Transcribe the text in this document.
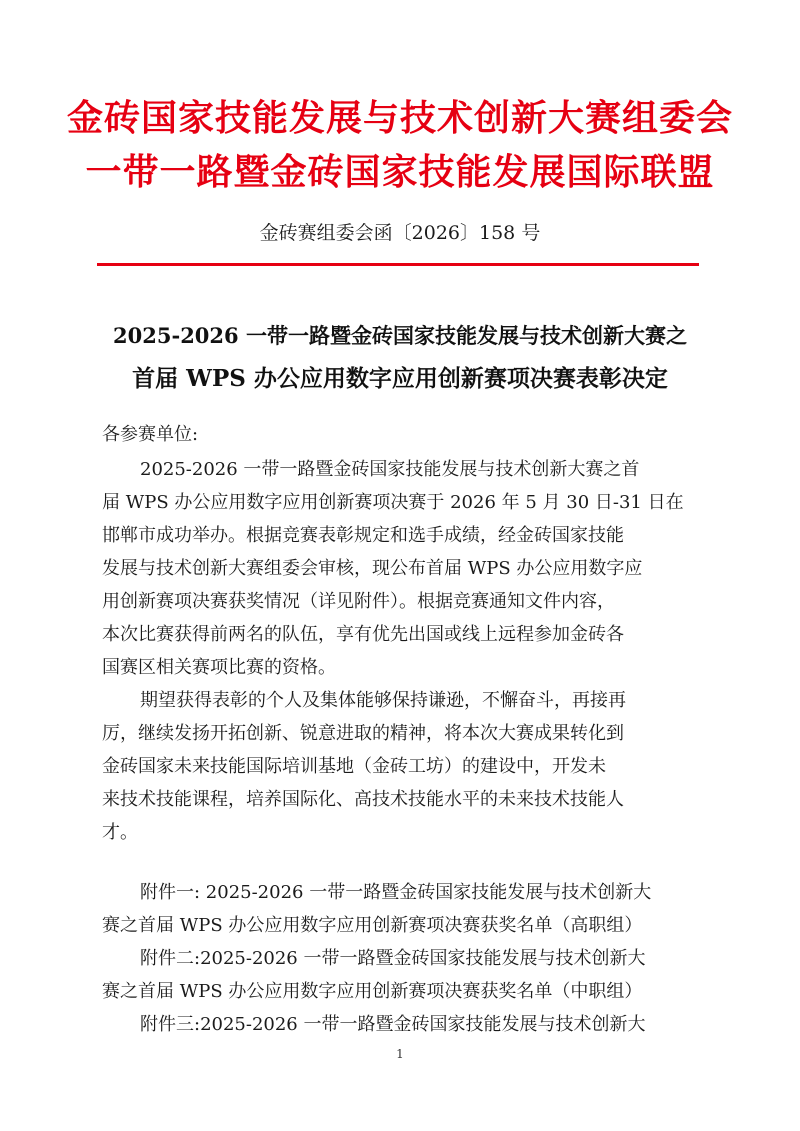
金砖国家技能发展与技术创新大赛组委会
一带一路暨金砖国家技能发展国际联盟
金砖赛组委会函〔2026〕158 号
2025-2026 一带一路暨金砖国家技能发展与技术创新大赛之
首届 WPS 办公应用数字应用创新赛项决赛表彰决定
各参赛单位:
2025-2026 一带一路暨金砖国家技能发展与技术创新大赛之首
届 WPS 办公应用数字应用创新赛项决赛于 2026 年 5 月 30 日-31 日在
邯郸市成功举办。根据竞赛表彰规定和选手成绩，经金砖国家技能
发展与技术创新大赛组委会审核，现公布首届 WPS 办公应用数字应
用创新赛项决赛获奖情况（详见附件）。根据竞赛通知文件内容，
本次比赛获得前两名的队伍，享有优先出国或线上远程参加金砖各
国赛区相关赛项比赛的资格。
期望获得表彰的个人及集体能够保持谦逊，不懈奋斗，再接再
厉，继续发扬开拓创新、锐意进取的精神，将本次大赛成果转化到
金砖国家未来技能国际培训基地（金砖工坊）的建设中，开发未
来技术技能课程，培养国际化、高技术技能水平的未来技术技能人
才。
附件一: 2025-2026 一带一路暨金砖国家技能发展与技术创新大
赛之首届 WPS 办公应用数字应用创新赛项决赛获奖名单（高职组）
附件二:2025-2026 一带一路暨金砖国家技能发展与技术创新大
赛之首届 WPS 办公应用数字应用创新赛项决赛获奖名单（中职组）
附件三:2025-2026 一带一路暨金砖国家技能发展与技术创新大
1
